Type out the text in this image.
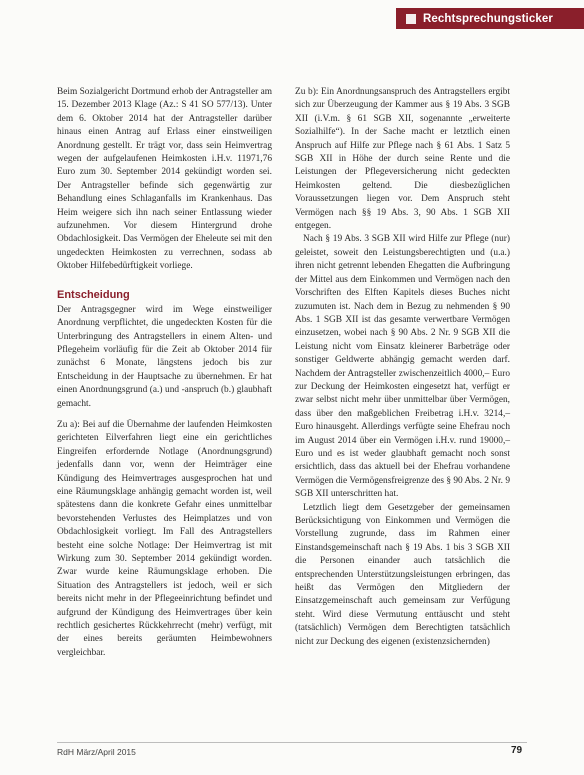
Rechtsprechungsticker

Beim Sozialgericht Dortmund erhob der Antragsteller am 15. Dezember 2013 Klage (Az.: S 41 SO 577/13). Unter dem 6. Oktober 2014 hat der Antragsteller darüber hinaus einen Antrag auf Erlass einer einstweiligen Anordnung gestellt. Er trägt vor, dass sein Heimvertrag wegen der aufgelaufenen Heimkosten i.H.v. 11971,76 Euro zum 30. September 2014 gekündigt worden sei. Der Antragsteller befinde sich gegenwärtig zur Behandlung eines Schlaganfalls im Krankenhaus. Das Heim weigere sich ihn nach seiner Entlassung wieder aufzunehmen. Vor diesem Hintergrund drohe Obdachlosigkeit. Das Vermögen der Eheleute sei mit den ungedeckten Heimkosten zu verrechnen, sodass ab Oktober Hilfebedürftigkeit vorliege.

Entscheidung

Der Antragsgegner wird im Wege einstweiliger Anordnung verpflichtet, die ungedeckten Kosten für die Unterbringung des Antragstellers in einem Alten- und Pflegeheim vorläufig für die Zeit ab Oktober 2014 für zunächst 6 Monate, längstens jedoch bis zur Entscheidung in der Hauptsache zu übernehmen. Er hat einen Anordnungsgrund (a.) und -anspruch (b.) glaubhaft gemacht.

Zu a): Bei auf die Übernahme der laufenden Heimkosten gerichteten Eilverfahren liegt eine ein gerichtliches Eingreifen erfordernde Notlage (Anordnungsgrund) jedenfalls dann vor, wenn der Heimträger eine Kündigung des Heimvertrages ausgesprochen hat und eine Räumungsklage anhängig gemacht worden ist, weil spätestens dann die konkrete Gefahr eines unmittelbar bevorstehenden Verlustes des Heimplatzes und von Obdachlosigkeit vorliegt. Im Fall des Antragstellers besteht eine solche Notlage: Der Heimvertrag ist mit Wirkung zum 30. September 2014 gekündigt worden. Zwar wurde keine Räumungsklage erhoben. Die Situation des Antragstellers ist jedoch, weil er sich bereits nicht mehr in der Pflegeeinrichtung befindet und aufgrund der Kündigung des Heimvertrages über kein rechtlich gesichertes Rückkehrrecht (mehr) verfügt, mit der eines bereits geräumten Heimbewohners vergleichbar.

Zu b): Ein Anordnungsanspruch des Antragstellers ergibt sich zur Überzeugung der Kammer aus § 19 Abs. 3 SGB XII (i.V.m. § 61 SGB XII, sogenannte „erweiterte Sozialhilfe“). In der Sache macht er letztlich einen Anspruch auf Hilfe zur Pflege nach § 61 Abs. 1 Satz 5 SGB XII in Höhe der durch seine Rente und die Leistungen der Pflegeversicherung nicht gedeckten Heimkosten geltend. Die diesbezüglichen Voraussetzungen liegen vor. Dem Anspruch steht Vermögen nach §§ 19 Abs. 3, 90 Abs. 1 SGB XII entgegen.

Nach § 19 Abs. 3 SGB XII wird Hilfe zur Pflege (nur) geleistet, soweit den Leistungsberechtigten und (u.a.) ihren nicht getrennt lebenden Ehegatten die Aufbringung der Mittel aus dem Einkommen und Vermögen nach den Vorschriften des Elften Kapitels dieses Buches nicht zuzumuten ist. Nach dem in Bezug zu nehmenden § 90 Abs. 1 SGB XII ist das gesamte verwertbare Vermögen einzusetzen, wobei nach § 90 Abs. 2 Nr. 9 SGB XII die Leistung nicht vom Einsatz kleinerer Barbeträge oder sonstiger Geldwerte abhängig gemacht werden darf. Nachdem der Antragsteller zwischenzeitlich 4000,– Euro zur Deckung der Heimkosten eingesetzt hat, verfügt er zwar selbst nicht mehr über unmittelbar über Vermögen, dass über den maßgeblichen Freibetrag i.H.v. 3214,– Euro hinausgeht. Allerdings verfügte seine Ehefrau noch im August 2014 über ein Vermögen i.H.v. rund 19000,– Euro und es ist weder glaubhaft gemacht noch sonst ersichtlich, dass das aktuell bei der Ehefrau vorhandene Vermögen die Vermögensfreigrenze des § 90 Abs. 2 Nr. 9 SGB XII unterschritten hat.

Letztlich liegt dem Gesetzgeber der gemeinsamen Berücksichtigung von Einkommen und Vermögen die Vorstellung zugrunde, dass im Rahmen einer Einstandsgemeinschaft nach § 19 Abs. 1 bis 3 SGB XII die Personen einander auch tatsächlich die entsprechenden Unterstützungsleistungen erbringen, das heißt das Vermögen den Mitgliedern der Einsatzgemeinschaft auch gemeinsam zur Verfügung steht. Wird diese Vermutung enttäuscht und steht (tatsächlich) Vermögen dem Berechtigten tatsächlich nicht zur Deckung des eigenen (existenzsichernden)

RdH März/April 2015	79
